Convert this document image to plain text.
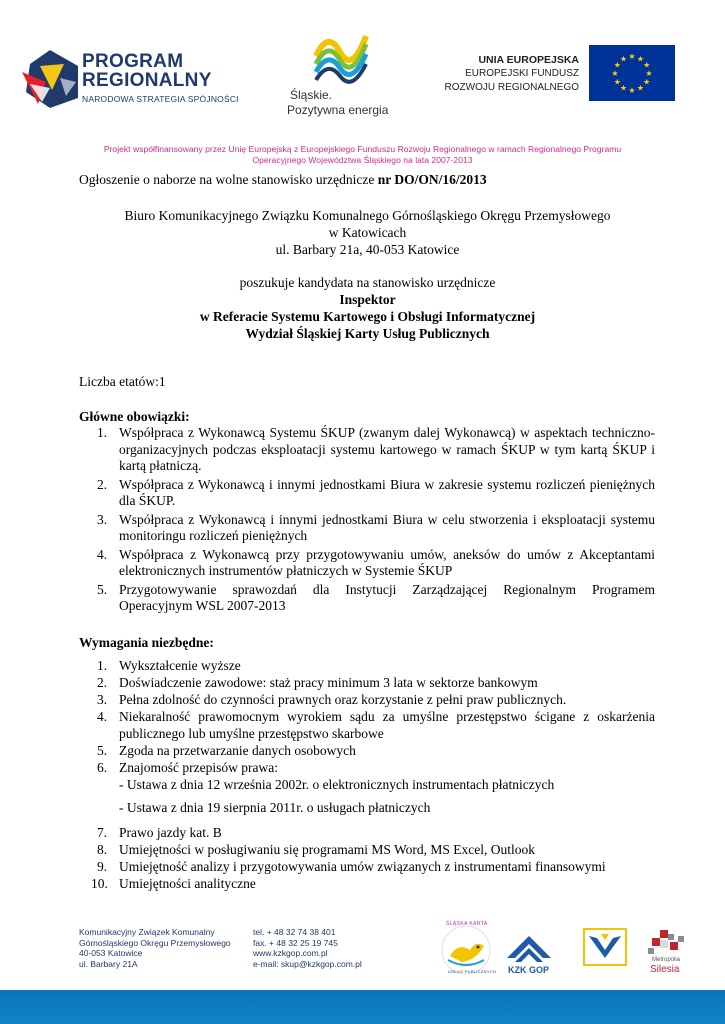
PROGRAM
REGIONALNY
NARODOWA STRATEGIA SPÓJNOŚCI	Śląskie.
Pozytywna energia
UNIA EUROPEJSKA
EUROPEJSKI FUNDUSZ
ROZWOJU REGIONALNEGO
★ ★
★
★
★
★
★
★
★
★
★
★
Projekt współfinansowany przez Unię Europejską z Europejskiego Funduszu Rozwoju Regionalnego w ramach Regionalnego Programu
Operacyjnego Województwa Śląskiego na lata 2007-2013
Ogłoszenie o naborze na wolne stanowisko urzędnicze nr DO/ON/16/2013
Biuro Komunikacyjnego Związku Komunalnego Górnośląskiego Okręgu Przemysłowego
w Katowicach
ul. Barbary 21a, 40-053 Katowice
poszukuje kandydata na stanowisko urzędnicze
Inspektor
w Referacie Systemu Kartowego i Obsługi Informatycznej
Wydział Śląskiej Karty Usług Publicznych
Liczba etatów:1
Główne obowiązki:
1. Współpraca z Wykonawcą Systemu ŚKUP (zwanym dalej Wykonawcą) w aspektach techniczno-organizacyjnych podczas eksploatacji systemu kartowego w ramach ŚKUP w tym kartą ŚKUP i kartą płatniczą.
2. Współpraca z Wykonawcą i innymi jednostkami Biura w zakresie systemu rozliczeń pieniężnych dla ŚKUP.
3. Współpraca z Wykonawcą i innymi jednostkami Biura w celu stworzenia i eksploatacji systemu monitoringu rozliczeń pieniężnych
4. Współpraca z Wykonawcą przy przygotowywaniu umów, aneksów do umów z Akceptantami elektronicznych instrumentów płatniczych w Systemie ŚKUP
5. Przygotowywanie sprawozdań dla Instytucji Zarządzającej Regionalnym Programem Operacyjnym WSL 2007-2013
Wymagania niezbędne:
1. Wykształcenie wyższe
2. Doświadczenie zawodowe: staż pracy minimum 3 lata w sektorze bankowym
3. Pełna zdolność do czynności prawnych oraz korzystanie z pełni praw publicznych.
4. Niekaralność prawomocnym wyrokiem sądu za umyślne przestępstwo ścigane z oskarżenia publicznego lub umyślne przestępstwo skarbowe
5. Zgoda na przetwarzanie danych osobowych
6. Znajomość przepisów prawa:
- Ustawa z dnia 12 września 2002r. o elektronicznych instrumentach płatniczych
- Ustawa z dnia 19 sierpnia 2011r. o usługach płatniczych
7. Prawo jazdy kat. B
8. Umiejętności w posługiwaniu się programami MS Word, MS Excel, Outlook
9. Umiejętność analizy i przygotowywania umów związanych z instrumentami finansowymi
10. Umiejętności analityczne
Komunikacyjny Związek Komunalny
Górnośląskiego Okręgu Przemysłowego
40-053 Katowice
ul. Barbary 21A
tel. + 48 32 74 38 401
fax. + 48 32 25 19 745
www.kzkgop.com.pl
e-mail: skup@kzkgop.com.pl
ŚLĄSKA KARTA
USŁUG PUBLICZNYCH KZK GOP
Metropolia
Silesia
